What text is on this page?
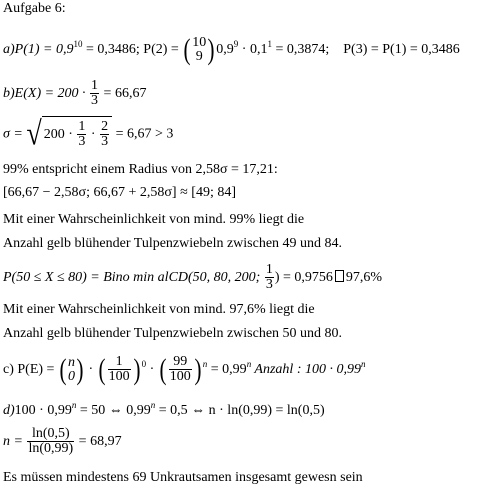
Aufgabe 6:
$a)P(1) = 0,9^{10} = 0,3486$; P(2) = ( 10
9 ) $0,9^9 \cdot 0,1^1 = 0,3874$; P(3) = P(1) = 0,3486
$b)E(X) = 200 \cdot \frac{1}{3} = 66,67$
σ = √ $200 \cdot \frac{1}{3} \cdot \frac{2}{3} = 6,67 > 3$
99% entspricht einem Radius von 2,58σ = 17,21:
[66,67 − 2,58σ; 66,67 + 2,58σ] ≈ [49; 84]
Mit einer Wahrscheinlichkeit von mind. 99% liegt die
Anzahl gelb blühender Tulpenzwiebeln zwischen 49 und 84.
P(50 ≤ X ≤ 80) = Bino min alCD(50, 80, 200; $\frac{1}{3}$ ) = 0,9756 97,6%
Mit einer Wahrscheinlichkeit von mind. 97,6% liegt die
Anzahl gelb blühender Tulpenzwiebeln zwischen 50 und 80.
c) P(E) = ( n
0 ) · ( $\frac{1}{100}$ ) $^0$ · ( $\frac{99}{100}$ ) $^n = 0,99^n$ Anzahl : $100 \cdot 0,99^n$
$d)100 \cdot 0,99^n = 50$ ⇔ $0,99^n = 0,5$ ⇔ n · ln(0,99) = ln(0,5)
$n = \frac{\ln(0,5)}{\ln(0,99)} = 68,97$
Es müssen mindestens 69 Unkrautsamen insgesamt gewesn sein
